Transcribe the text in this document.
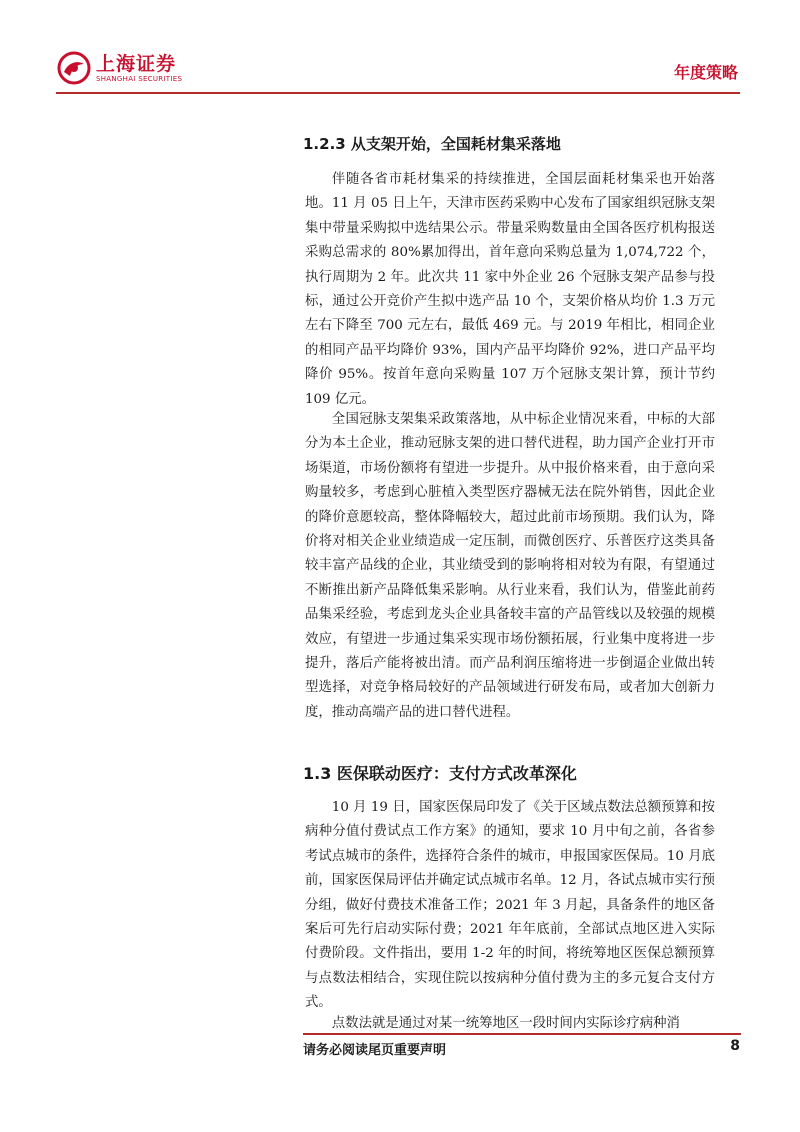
上海证券
SHANGHAI SECURITIES	年度策略
1.2.3 从支架开始，全国耗材集采落地

伴随各省市耗材集采的持续推进，全国层面耗材集采也开始落地。11 月 05 日上午，天津市医药采购中心发布了国家组织冠脉支架集中带量采购拟中选结果公示。带量采购数量由全国各医疗机构报送采购总需求的 80%累加得出，首年意向采购总量为 1,074,722 个，执行周期为 2 年。此次共 11 家中外企业 26 个冠脉支架产品参与投标，通过公开竞价产生拟中选产品 10 个，支架价格从均价 1.3 万元左右下降至 700 元左右，最低 469 元。与 2019 年相比，相同企业的相同产品平均降价 93%，国内产品平均降价 92%，进口产品平均降价 95%。按首年意向采购量 107 万个冠脉支架计算，预计节约 109 亿元。

全国冠脉支架集采政策落地，从中标企业情况来看，中标的大部分为本土企业，推动冠脉支架的进口替代进程，助力国产企业打开市场渠道，市场份额将有望进一步提升。从中报价格来看，由于意向采购量较多，考虑到心脏植入类型医疗器械无法在院外销售，因此企业的降价意愿较高，整体降幅较大，超过此前市场预期。我们认为，降价将对相关企业业绩造成一定压制，而微创医疗、乐普医疗这类具备较丰富产品线的企业，其业绩受到的影响将相对较为有限，有望通过不断推出新产品降低集采影响。从行业来看，我们认为，借鉴此前药品集采经验，考虑到龙头企业具备较丰富的产品管线以及较强的规模效应，有望进一步通过集采实现市场份额拓展，行业集中度将进一步提升，落后产能将被出清。而产品利润压缩将进一步倒逼企业做出转型选择，对竞争格局较好的产品领域进行研发布局，或者加大创新力度，推动高端产品的进口替代进程。

1.3 医保联动医疗：支付方式改革深化

10 月 19 日，国家医保局印发了《关于区域点数法总额预算和按病种分值付费试点工作方案》的通知，要求 10 月中旬之前，各省参考试点城市的条件，选择符合条件的城市，申报国家医保局。10 月底前，国家医保局评估并确定试点城市名单。12 月，各试点城市实行预分组，做好付费技术准备工作；2021 年 3 月起，具备条件的地区备案后可先行启动实际付费；2021 年年底前，全部试点地区进入实际付费阶段。文件指出，要用 1-2 年的时间，将统筹地区医保总额预算与点数法相结合，实现住院以按病种分值付费为主的多元复合支付方式。

点数法就是通过对某一统筹地区一段时间内实际诊疗病种消

请务必阅读尾页重要声明	8
